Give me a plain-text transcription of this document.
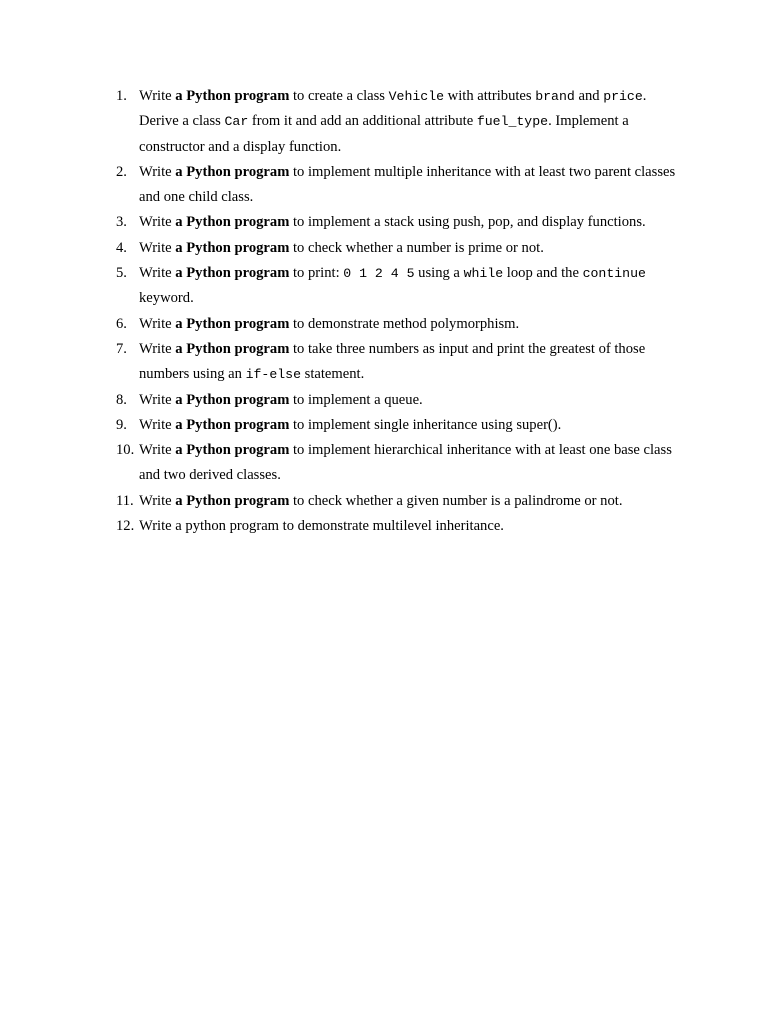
1. Write a Python program to create a class Vehicle with attributes brand and price. Derive a class Car from it and add an additional attribute fuel_type. Implement a constructor and a display function.
2. Write a Python program to implement multiple inheritance with at least two parent classes and one child class.
3. Write a Python program to implement a stack using push, pop, and display functions.
4. Write a Python program to check whether a number is prime or not.
5. Write a Python program to print: 0 1 2 4 5 using a while loop and the continue keyword.
6. Write a Python program to demonstrate method polymorphism.
7. Write a Python program to take three numbers as input and print the greatest of those numbers using an if-else statement.
8. Write a Python program to implement a queue.
9. Write a Python program to implement single inheritance using super().
10. Write a Python program to implement hierarchical inheritance with at least one base class and two derived classes.
11. Write a Python program to check whether a given number is a palindrome or not.
12. Write a python program to demonstrate multilevel inheritance.
